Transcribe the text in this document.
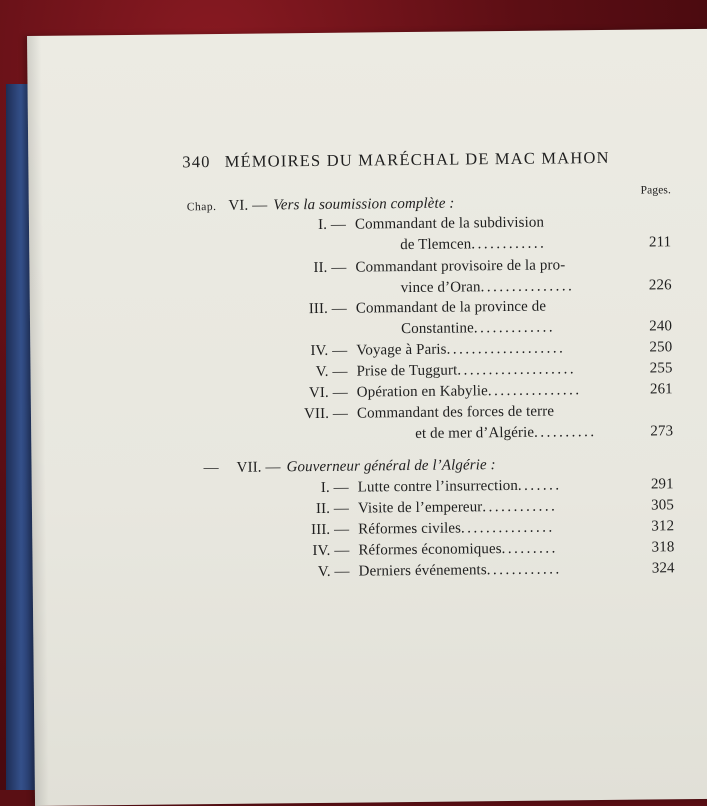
340 MÉMOIRES DU MARÉCHAL DE MAC MAHON
Pages.
Chap. VI. — Vers la soumission complète :
I. — Commandant de la subdivision
de Tlemcen............	211
II. — Commandant provisoire de la pro-
vince d’Oran...............	226
III. — Commandant de la province de
Constantine.............	240
IV. — Voyage à Paris...................	250
V. — Prise de Tuggurt...................	255
VI. — Opération en Kabylie...............	261
VII. — Commandant des forces de terre
et de mer d’Algérie..........	273
— VII. — Gouverneur général de l’Algérie :
I. — Lutte contre l’insurrection.......	291
II. — Visite de l’empereur............	305
III. — Réformes civiles...............	312
IV. — Réformes économiques.........	318
V. — Derniers événements............	324
